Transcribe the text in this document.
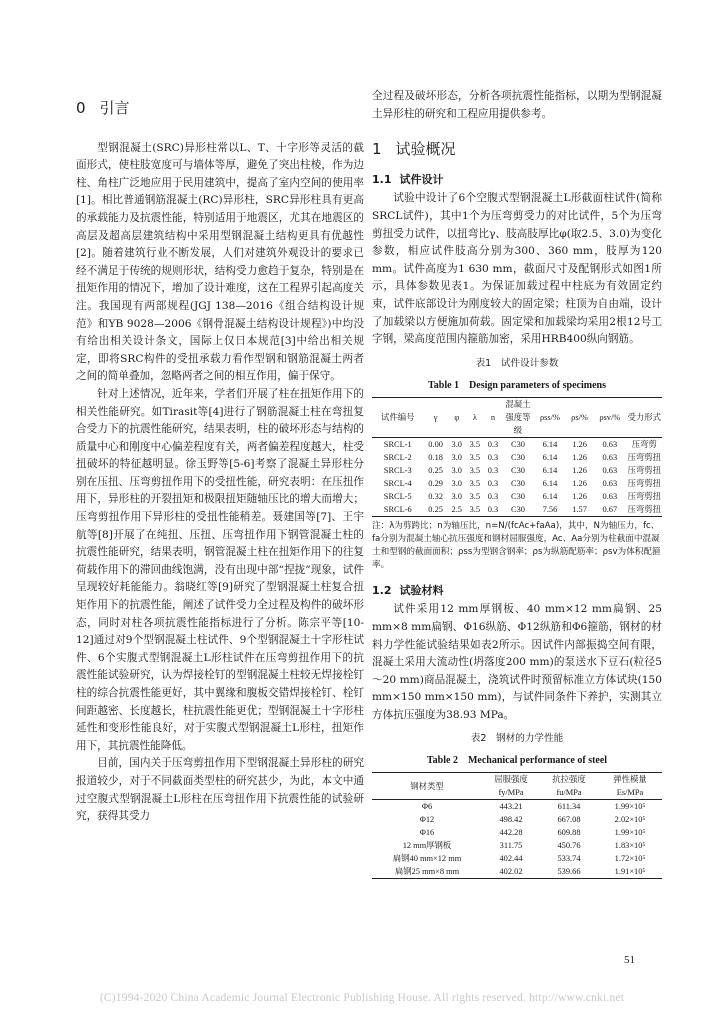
0 引言

型钢混凝土(SRC)异形柱常以L、T、十字形等灵活的截面形式，使柱肢宽度可与墙体等厚，避免了突出柱棱，作为边柱、角柱广泛地应用于民用建筑中，提高了室内空间的使用率[1]。相比普通钢筋混凝土(RC)异形柱，SRC异形柱具有更高的承载能力及抗震性能，特别适用于地震区，尤其在地震区的高层及超高层建筑结构中采用型钢混凝土结构更具有优越性[2]。随着建筑行业不断发展，人们对建筑外观设计的要求已经不满足于传统的规则形状，结构受力愈趋于复杂，特别是在扭矩作用的情况下，增加了设计难度，这在工程界引起高度关注。我国现有两部规程(JGJ 138—2016《组合结构设计规范》和YB 9028—2006《钢骨混凝土结构设计规程》)中均没有给出相关设计条文，国际上仅日本规范[3]中给出相关规定，即将SRC构件的受扭承载力看作型钢和钢筋混凝土两者之间的简单叠加，忽略两者之间的相互作用，偏于保守。

针对上述情况，近年来，学者们开展了柱在扭矩作用下的相关性能研究。如Tirasit等[4]进行了钢筋混凝土柱在弯扭复合受力下的抗震性能研究，结果表明，柱的破坏形态与结构的质量中心和刚度中心偏差程度有关，两者偏差程度越大，柱受扭破坏的特征越明显。徐玉野等[5-6]考察了混凝土异形柱分别在压扭、压弯剪扭作用下的受扭性能，研究表明：在压扭作用下，异形柱的开裂扭矩和极限扭矩随轴压比的增大而增大；压弯剪扭作用下异形柱的受扭性能稍差。聂建国等[7]、王宇航等[8]开展了在纯扭、压扭、压弯扭作用下钢管混凝土柱的抗震性能研究，结果表明，钢管混凝土柱在扭矩作用下的往复荷载作用下的滞回曲线饱满，没有出现中部“捏拢”现象，试件呈现较好耗能能力。翁晓红等[9]研究了型钢混凝土柱复合扭矩作用下的抗震性能，阐述了试件受力全过程及构件的破坏形态，同时对柱各项抗震性能指标进行了分析。陈宗平等[10-12]通过对9个型钢混凝土柱试件、9个型钢混凝土十字形柱试件、6个实腹式型钢混凝土L形柱试件在压弯剪扭作用下的抗震性能试验研究，认为焊接栓钉的型钢混凝土柱较无焊接栓钉柱的综合抗震性能更好，其中翼缘和腹板交错焊接栓钉、栓钉间距越密、长度越长，柱抗震性能更优；型钢混凝土十字形柱延性和变形性能良好，对于实腹式型钢混凝土L形柱，扭矩作用下，其抗震性能降低。

目前，国内关于压弯剪扭作用下型钢混凝土异形柱的研究报道较少，对于不同截面类型柱的研究甚少，为此，本文中通过空腹式型钢混凝土L形柱在压弯扭作用下抗震性能的试验研究，获得其受力

全过程及破坏形态，分析各项抗震性能指标，以期为型钢混凝土异形柱的研究和工程应用提供参考。

1 试验概况
1.1 试件设计

试验中设计了6个空腹式型钢混凝土L形截面柱试件(简称SRCL试件)，其中1个为压弯剪受力的对比试件，5个为压弯剪扭受力试件，以扭弯比γ、肢高肢厚比φ(取2.5、3.0)为变化参数，相应试件肢高分别为300、360 mm，肢厚为120 mm。试件高度为1 630 mm，截面尺寸及配钢形式如图1所示，具体参数见表1。为保证加载过程中柱底为有效固定约束，试件底部设计为刚度较大的固定梁；柱顶为自由端，设计了加载梁以方便施加荷载。固定梁和加载梁均采用2根12号工字钢，梁高度范围内箍筋加密，采用HRB400纵向钢筋。

表1　试件设计参数
Table 1　Design parameters of specimens
试件编号	γ	φ	λ	n	混凝土强度等级	ρss/%	ρs/%	ρsv/%	受力形式
SRCL-1	0.00	3.0	3.5	0.3	C30	6.14	1.26	0.63	压弯剪
SRCL-2	0.18	3.0	3.5	0.3	C30	6.14	1.26	0.63	压弯剪扭
SRCL-3	0.25	3.0	3.5	0.3	C30	6.14	1.26	0.63	压弯剪扭
SRCL-4	0.29	3.0	3.5	0.3	C30	6.14	1.26	0.63	压弯剪扭
SRCL-5	0.32	3.0	3.5	0.3	C30	6.14	1.26	0.63	压弯剪扭
SRCL-6	0.25	2.5	3.5	0.3	C30	7.56	1.57	0.67	压弯剪扭
注：λ为剪跨比；n为轴压比，n=N/(fcAc+faAa)，其中，N为轴压力，fc、fa分别为混凝土轴心抗压强度和钢材屈服强度，Ac、Aa分别为柱截面中混凝土和型钢的截面面积；ρss为型钢含钢率；ρs为纵筋配筋率；ρsv为体积配箍率。
1.2 试验材料

试件采用12 mm厚钢板、40 mm×12 mm扁钢、25 mm×8 mm扁钢、Φ16纵筋、Φ12纵筋和Φ6箍筋，钢材的材料力学性能试验结果如表2所示。因试件内部振捣空间有限，混凝土采用大流动性(坍落度200 mm)的泵送水下豆石(粒径5～20 mm)商品混凝土，浇筑试件时预留标准立方体试块(150 mm×150 mm×150 mm)，与试件同条件下养护，实测其立方体抗压强度为38.93 MPa。

表2　钢材的力学性能
Table 2　Mechanical performance of steel
钢材类型	屈服强度 fy/MPa	抗拉强度 fu/MPa	弹性模量 Es/MPa
Φ6	443.21	611.34	1.99×10⁵
Φ12	498.42	667.08	2.02×10⁵
Φ16	442.28	609.88	1.99×10⁵
12 mm厚钢板	311.75	450.76	1.83×10⁵
扁钢40 mm×12 mm	402.44	533.74	1.72×10⁵
扁钢25 mm×8 mm	402.02	539.66	1.91×10⁵
51
(C)1994-2020 China Academic Journal Electronic Publishing House. All rights reserved. http://www.cnki.net
